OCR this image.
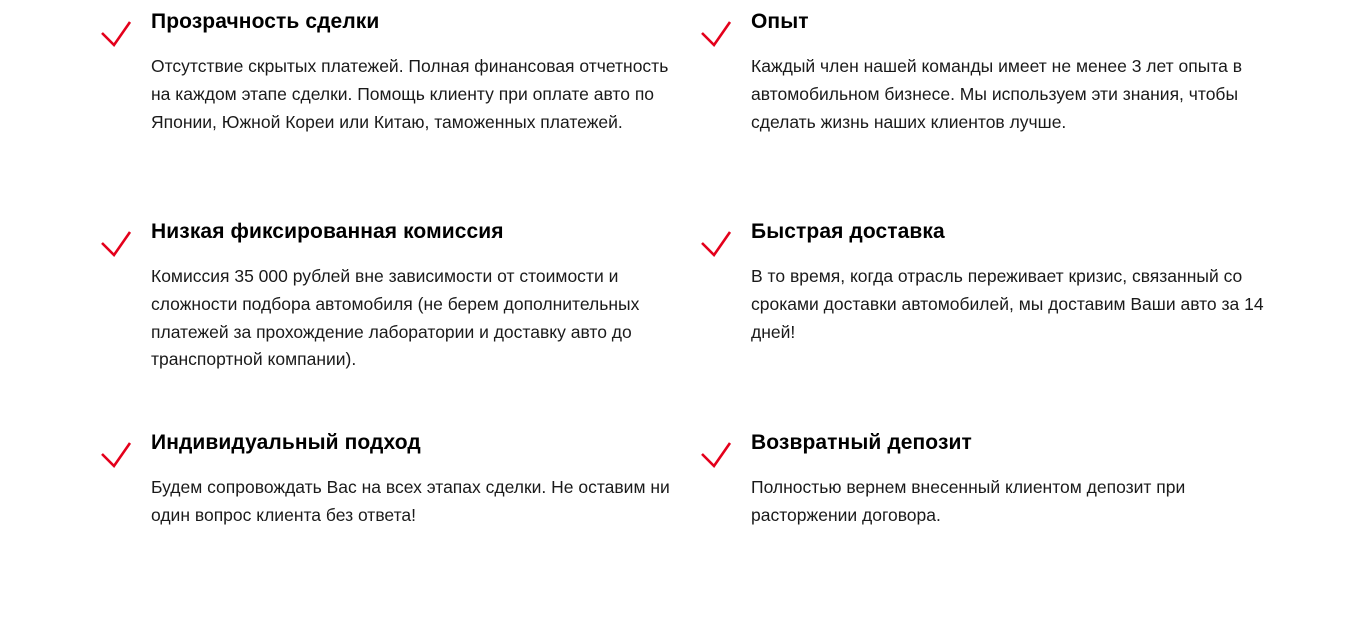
Прозрачность сделки

Отсутствие скрытых платежей. Полная финансовая отчетность на каждом этапе сделки. Помощь клиенту при оплате авто по Японии, Южной Кореи или Китаю, таможенных платежей.

Опыт

Каждый член нашей команды имеет не менее 3 лет опыта в автомобильном бизнесе. Мы используем эти знания, чтобы сделать жизнь наших клиентов лучше.

Низкая фиксированная комиссия

Комиссия 35 000 рублей вне зависимости от стоимости и сложности подбора автомобиля (не берем дополнительных платежей за прохождение лаборатории и доставку авто до транспортной компании).

Быстрая доставка

В то время, когда отрасль переживает кризис, связанный со сроками доставки автомобилей, мы доставим Ваши авто за 14 дней!

Индивидуальный подход

Будем сопровождать Вас на всех этапах сделки. Не оставим ни один вопрос клиента без ответа!

Возвратный депозит

Полностью вернем внесенный клиентом депозит при расторжении договора.
